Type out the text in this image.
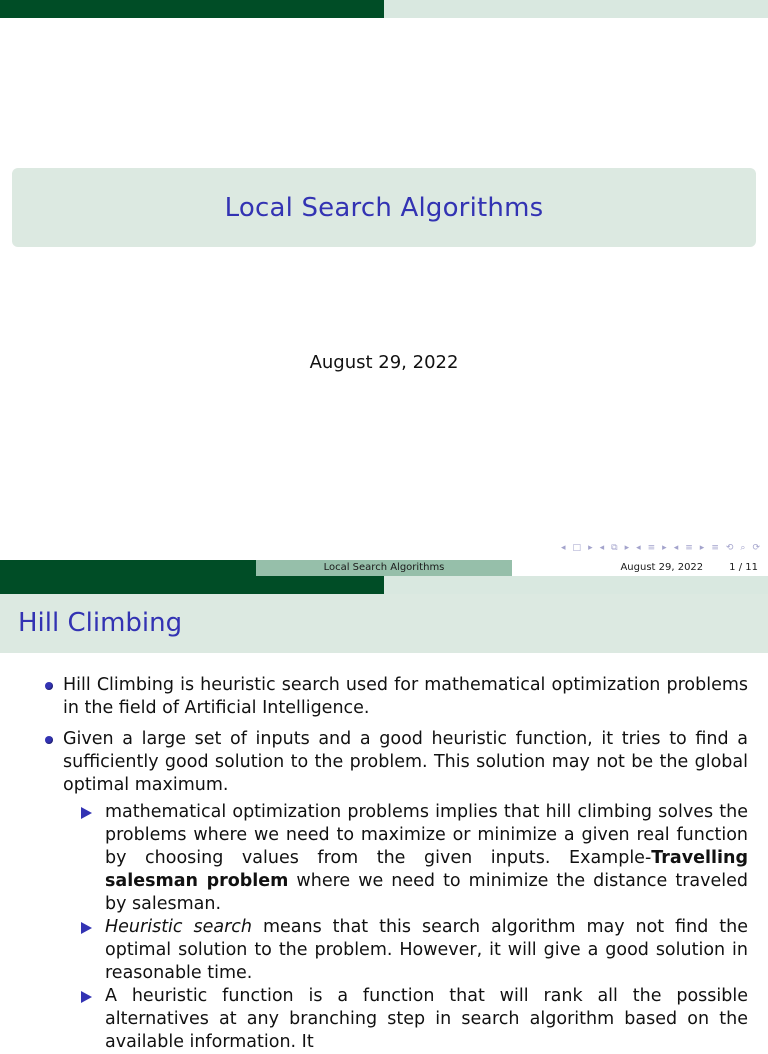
Local Search Algorithms
August 29, 2022
◂ □ ▸ ◂ ⧉ ▸ ◂ ≡ ▸ ◂ ≡ ▸ ≡ ⟲ ⌕ ⟳
Local Search Algorithms	August 29, 2022	1 / 11
Hill Climbing
Hill Climbing is heuristic search used for mathematical optimization problems in the field of Artificial Intelligence.
Given a large set of inputs and a good heuristic function, it tries to find a sufficiently good solution to the problem. This solution may not be the global optimal maximum.
mathematical optimization problems implies that hill climbing solves the problems where we need to maximize or minimize a given real function by choosing values from the given inputs. Example-Travelling salesman problem where we need to minimize the distance traveled by salesman.
Heuristic search means that this search algorithm may not find the optimal solution to the problem. However, it will give a good solution in reasonable time.
A heuristic function is a function that will rank all the possible alternatives at any branching step in search algorithm based on the available information. It
